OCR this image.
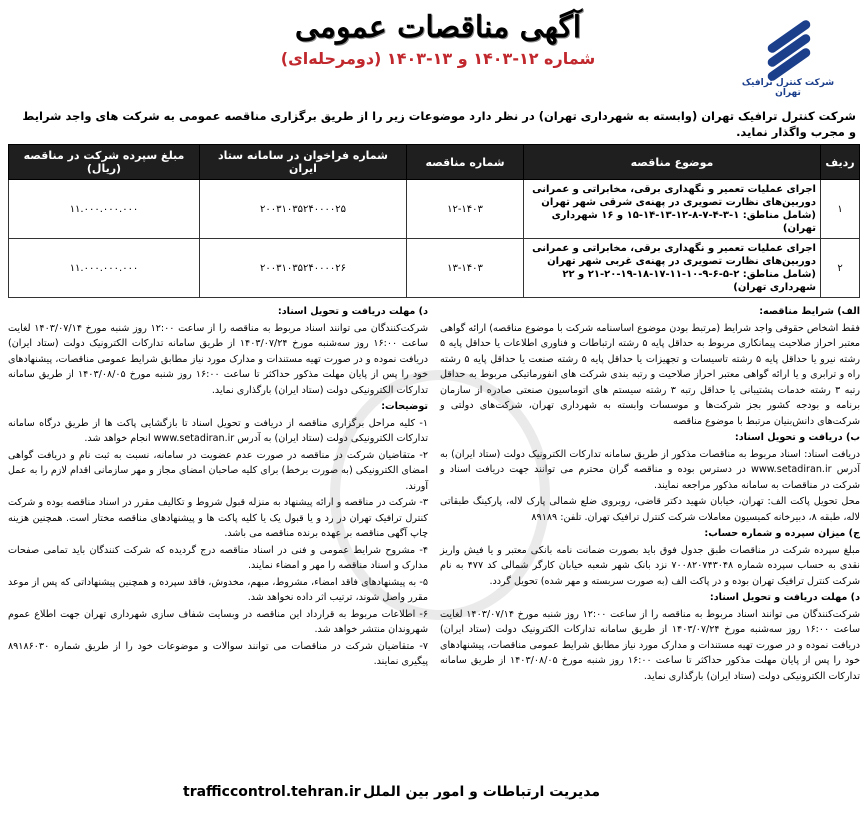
شرکت کنترل ترافیک تهران
آگهی مناقصات عمومی
شماره ۱۲-۱۴۰۳ و ۱۳-۱۴۰۳ (دومرحله‌ای)
شرکت کنترل ترافیک تهران (وابسته به شهرداری تهران) در نظر دارد موضوعات زیر را از طریق برگزاری مناقصه عمومی به شرکت های واجد شرایط و مجرب واگذار نماید.
ردیف	موضوع مناقصه	شماره مناقصه	شماره فراخوان در سامانه ستاد ایران	مبلغ سپرده شرکت در مناقصه (ریال)
۱	اجرای عملیات تعمیر و نگهداری برقی، مخابراتی و عمرانی دوربین‌های نظارت تصویری در پهنه‌ی شرقی شهر تهران (شامل مناطق: ۱-۳-۴-۷-۸-۱۲-۱۳-۱۴-۱۵ و ۱۶ شهرداری تهران)	۱۲-۱۴۰۳	۲۰۰۳۱۰۳۵۲۴۰۰۰۰۲۵	۱۱.۰۰۰.۰۰۰.۰۰۰
۲	اجرای عملیات تعمیر و نگهداری برقی، مخابراتی و عمرانی دوربین‌های نظارت تصویری در پهنه‌ی غربی شهر تهران (شامل مناطق: ۲-۵-۶-۹-۱۰-۱۱-۱۷-۱۸-۱۹-۲۰-۲۱ و ۲۲ شهرداری تهران)	۱۳-۱۴۰۳	۲۰۰۳۱۰۳۵۲۴۰۰۰۰۲۶	۱۱.۰۰۰.۰۰۰.۰۰۰

الف) شرایط مناقصه:

فقط اشخاص حقوقی واجد شرایط (مرتبط بودن موضوع اساسنامه شرکت با موضوع مناقصه) ارائه گواهی معتبر احراز صلاحیت پیمانکاری مربوط به حداقل پایه ۵ رشته ارتباطات و فناوری اطلاعات یا حداقل پایه ۵ رشته نیرو یا حداقل پایه ۵ رشته تاسیسات و تجهیزات یا حداقل پایه ۵ رشته صنعت یا حداقل پایه ۵ رشته راه و ترابری و یا ارائه گواهی معتبر احراز صلاحیت و رتبه بندی شرکت های انفورماتیکی مربوط به حداقل رتبه ۳ رشته خدمات پشتیبانی یا حداقل رتبه ۳ رشته سیستم های اتوماسیون صنعتی صادره از سازمان برنامه و بودجه کشور بجز شرکت‌ها و موسسات وابسته به شهرداری تهران، شرکت‌های دولتی و شرکت‌های دانش‌بنیان مرتبط با موضوع مناقصه

ب) دریافت و تحویل اسناد:

دریافت اسناد: اسناد مربوط به مناقصات مذکور از طریق سامانه تدارکات الکترونیک دولت (ستاد ایران) به آدرس www.setadiran.ir در دسترس بوده و مناقصه گران محترم می توانند جهت دریافت اسناد و شرکت در مناقصات به سامانه مذکور مراجعه نمایند.

محل تحویل پاکت الف: تهران، خیابان شهید دکتر قاضی، روبروی ضلع شمالی پارک لاله، پارکینگ طبقاتی لاله، طبقه ۸، دبیرخانه کمیسیون معاملات شرکت کنترل ترافیک تهران. تلفن: ۸۹۱۸۹

ج) میزان سپرده و شماره حساب:

مبلغ سپرده شرکت در مناقصات طبق جدول فوق باید بصورت ضمانت نامه بانکی معتبر و یا فیش واریز نقدی به حساب سپرده شماره ۷۰۰۸۲۰۷۴۳۰۴۸ نزد بانک شهر شعبه خیابان کارگر شمالی کد ۴۷۷ به نام شرکت کنترل ترافیک تهران بوده و در پاکت الف (به صورت سربسته و مهر شده) تحویل گردد.

د) مهلت دریافت و تحویل اسناد:

شرکت‌کنندگان می توانند اسناد مربوط به مناقصه را از ساعت ۱۲:۰۰ روز شنبه مورخ ۱۴۰۳/۰۷/۱۴ لغایت ساعت ۱۶:۰۰ روز سه‌شنبه مورخ ۱۴۰۳/۰۷/۲۴ از طریق سامانه تدارکات الکترونیک دولت (ستاد ایران) دریافت نموده و در صورت تهیه مستندات و مدارک مورد نیاز مطابق شرایط عمومی مناقصات، پیشنهادهای خود را پس از پایان مهلت مذکور حداکثر تا ساعت ۱۶:۰۰ روز شنبه مورخ ۱۴۰۳/۰۸/۰۵ از طریق سامانه تدارکات الکترونیکی دولت (ستاد ایران) بارگذاری نماید.

د) مهلت دریافت و تحویل اسناد:

شرکت‌کنندگان می توانند اسناد مربوط به مناقصه را از ساعت ۱۲:۰۰ روز شنبه مورخ ۱۴۰۳/۰۷/۱۴ لغایت ساعت ۱۶:۰۰ روز سه‌شنبه مورخ ۱۴۰۳/۰۷/۲۴ از طریق سامانه تدارکات الکترونیک دولت (ستاد ایران) دریافت نموده و در صورت تهیه مستندات و مدارک مورد نیاز مطابق شرایط عمومی مناقصات، پیشنهادهای خود را پس از پایان مهلت مذکور حداکثر تا ساعت ۱۶:۰۰ روز شنبه مورخ ۱۴۰۳/۰۸/۰۵ از طریق سامانه تدارکات الکترونیکی دولت (ستاد ایران) بارگذاری نماید.

توضیحات:

۱- کلیه مراحل برگزاری مناقصه از دریافت و تحویل اسناد تا بازگشایی پاکت ها از طریق درگاه سامانه تدارکات الکترونیکی دولت (ستاد ایران) به آدرس www.setadiran.ir انجام خواهد شد.

۲- متقاضیان شرکت در مناقصه در صورت عدم عضویت در سامانه، نسبت به ثبت نام و دریافت گواهی امضای الکترونیکی (به صورت برخط) برای کلیه صاحبان امضای مجاز و مهر سازمانی اقدام لازم را به عمل آورند.

۳- شرکت در مناقصه و ارائه پیشنهاد به منزله قبول شروط و تکالیف مقرر در اسناد مناقصه بوده و شرکت کنترل ترافیک تهران در رد و یا قبول یک یا کلیه پاکت ها و پیشنهادهای مناقصه مختار است. همچنین هزینه چاپ آگهی مناقصه بر عهده برنده مناقصه می باشد.

۴- مشروح شرایط عمومی و فنی در اسناد مناقصه درج گردیده که شرکت کنندگان باید تمامی صفحات مدارک و اسناد مناقصه را مهر و امضاء نمایند.

۵- به پیشنهادهای فاقد امضاء، مشروط، مبهم، مخدوش، فاقد سپرده و همچنین پیشنهاداتی که پس از موعد مقرر واصل شوند، ترتیب اثر داده نخواهد شد.

۶- اطلاعات مربوط به قرارداد این مناقصه در وبسایت شفاف سازی شهرداری تهران جهت اطلاع عموم شهروندان منتشر خواهد شد.

۷- متقاضیان شرکت در مناقصات می توانند سوالات و موضوعات خود را از طریق شماره ۸۹۱۸۶۰۳۰ پیگیری نمایند.

مدیریت ارتباطات و امور بین الملل
trafficcontrol.tehran.ir
